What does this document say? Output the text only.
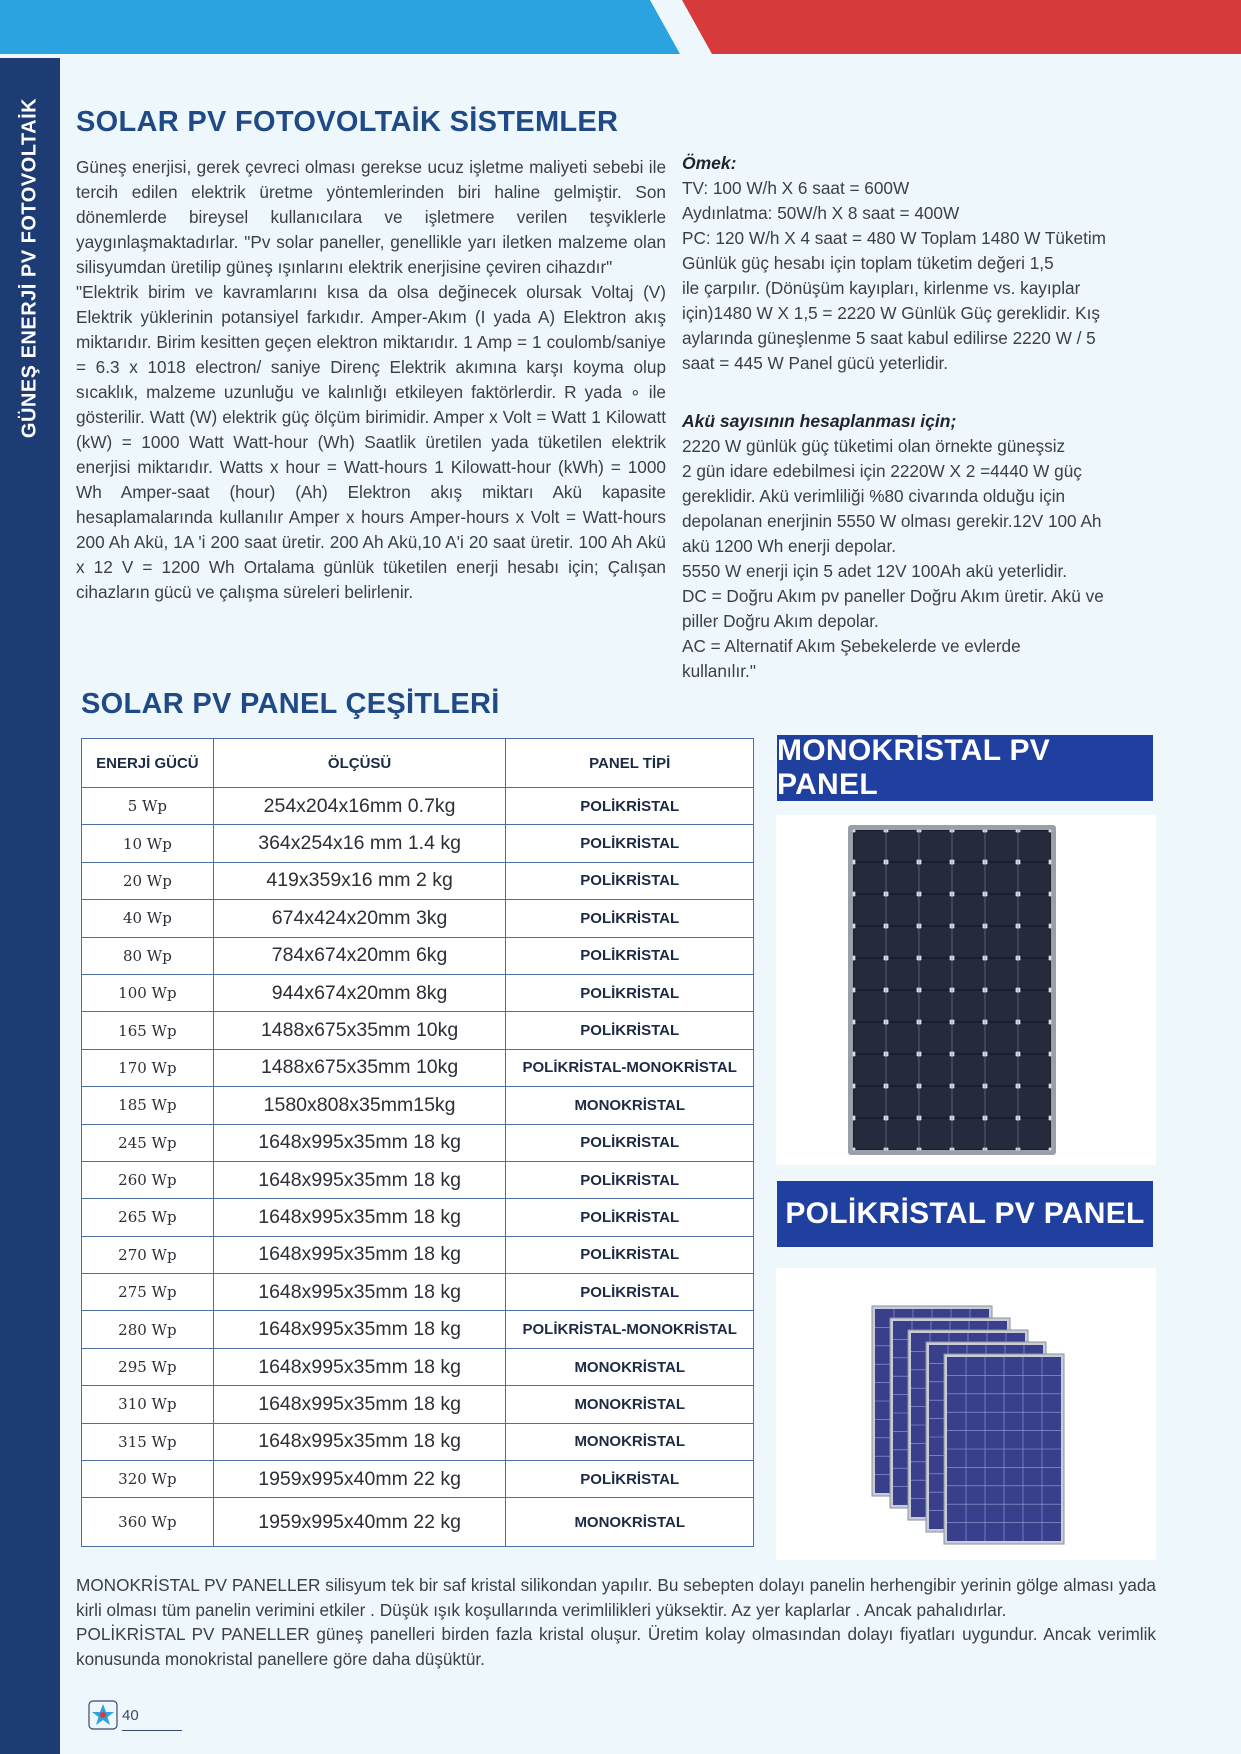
GÜNEŞ ENERJİ PV FOTOVOLTAİK SOLAR PV FOTOVOLTAİK SİSTEMLER

Güneş enerjisi, gerek çevreci olması gerekse ucuz işletme maliyeti sebebi ile tercih edilen elektrik üretme yöntemlerinden biri haline gelmiştir. Son dönemlerde bireysel kullanıcılara ve işletmere verilen teşviklerle yaygınlaşmaktadırlar. "Pv solar paneller, genellikle yarı iletken malzeme olan silisyumdan üretilip güneş ışınlarını elektrik enerjisine çeviren cihazdır"

"Elektrik birim ve kavramlarını kısa da olsa değinecek olursak Voltaj (V) Elektrik yüklerinin potansiyel farkıdır. Amper-Akım (I yada A) Elektron akış miktarıdır. Birim kesitten geçen elektron miktarıdır. 1 Amp = 1 coulomb/saniye = 6.3 x 1018 electron/ saniye Direnç Elektrik akımına karşı koyma olup sıcaklık, malzeme uzunluğu ve kalınlığı etkileyen faktörlerdir. R yada ∘ ile gösterilir. Watt (W) elektrik güç ölçüm birimidir. Amper x Volt = Watt 1 Kilowatt (kW) = 1000 Watt Watt-hour (Wh) Saatlik üretilen yada tüketilen elektrik enerjisi miktarıdır. Watts x hour = Watt-hours 1 Kilowatt-hour (kWh) = 1000 Wh Amper-saat (hour) (Ah) Elektron akış miktarı Akü kapasite hesaplamalarında kullanılır Amper x hours Amper-hours x Volt = Watt-hours 200 Ah Akü, 1A 'i 200 saat üretir. 200 Ah Akü,10 A'i 20 saat üretir. 100 Ah Akü x 12 V = 1200 Wh Ortalama günlük tüketilen enerji hesabı için; Çalışan cihazların gücü ve çalışma süreleri belirlenir.

Ömek:

TV: 100 W/h X 6 saat = 600W

Aydınlatma: 50W/h X 8 saat = 400W

PC: 120 W/h X 4 saat = 480 W Toplam 1480 W Tüketim

Günlük güç hesabı için toplam tüketim değeri 1,5

ile çarpılır. (Dönüşüm kayıpları, kirlenme vs. kayıplar

için)1480 W X 1,5 = 2220 W Günlük Güç gereklidir. Kış

aylarında güneşlenme 5 saat kabul edilirse 2220 W / 5

saat = 445 W Panel gücü yeterlidir.

Akü sayısının hesaplanması için;

2220 W günlük güç tüketimi olan örnekte güneşsiz

2 gün idare edebilmesi için 2220W X 2 =4440 W güç

gereklidir. Akü verimliliği %80 civarında olduğu için

depolanan enerjinin 5550 W olması gerekir.12V 100 Ah

akü 1200 Wh enerji depolar.

5550 W enerji için 5 adet 12V 100Ah akü yeterlidir.

DC = Doğru Akım pv paneller Doğru Akım üretir. Akü ve

piller Doğru Akım depolar.

AC = Alternatif Akım Şebekelerde ve evlerde

kullanılır."

SOLAR PV PANEL ÇEŞİTLERİ
ENERJİ GÜCÜ	ÖLÇÜSÜ	PANEL TİPİ
5 Wp	254x204x16mm 0.7kg	POLİKRİSTAL
10 Wp	364x254x16 mm 1.4 kg	POLİKRİSTAL
20 Wp	419x359x16 mm 2 kg	POLİKRİSTAL
40 Wp	674x424x20mm 3kg	POLİKRİSTAL
80 Wp	784x674x20mm 6kg	POLİKRİSTAL
100 Wp	944x674x20mm 8kg	POLİKRİSTAL
165 Wp	1488x675x35mm 10kg	POLİKRİSTAL
170 Wp	1488x675x35mm 10kg	POLİKRİSTAL-MONOKRİSTAL
185 Wp	1580x808x35mm15kg	MONOKRİSTAL
245 Wp	1648x995x35mm 18 kg	POLİKRİSTAL
260 Wp	1648x995x35mm 18 kg	POLİKRİSTAL
265 Wp	1648x995x35mm 18 kg	POLİKRİSTAL
270 Wp	1648x995x35mm 18 kg	POLİKRİSTAL
275 Wp	1648x995x35mm 18 kg	POLİKRİSTAL
280 Wp	1648x995x35mm 18 kg	POLİKRİSTAL-MONOKRİSTAL
295 Wp	1648x995x35mm 18 kg	MONOKRİSTAL
310 Wp	1648x995x35mm 18 kg	MONOKRİSTAL
315 Wp	1648x995x35mm 18 kg	MONOKRİSTAL
320 Wp	1959x995x40mm 22 kg	POLİKRİSTAL
360 Wp	1959x995x40mm 22 kg	MONOKRİSTAL
MONOKRİSTAL PV PANEL
POLİKRİSTAL PV PANEL

MONOKRİSTAL PV PANELLER silisyum tek bir saf kristal silikondan yapılır. Bu sebepten dolayı panelin herhengibir yerinin gölge alması yada kirli olması tüm panelin verimini etkiler . Düşük ışık koşullarında verimlilikleri yüksektir. Az yer kaplarlar . Ancak pahalıdırlar.

POLİKRİSTAL PV PANELLER güneş panelleri birden fazla kristal oluşur. Üretim kolay olmasından dolayı fiyatları uygundur. Ancak verimlik konusunda monokristal panellere göre daha düşüktür.

40
